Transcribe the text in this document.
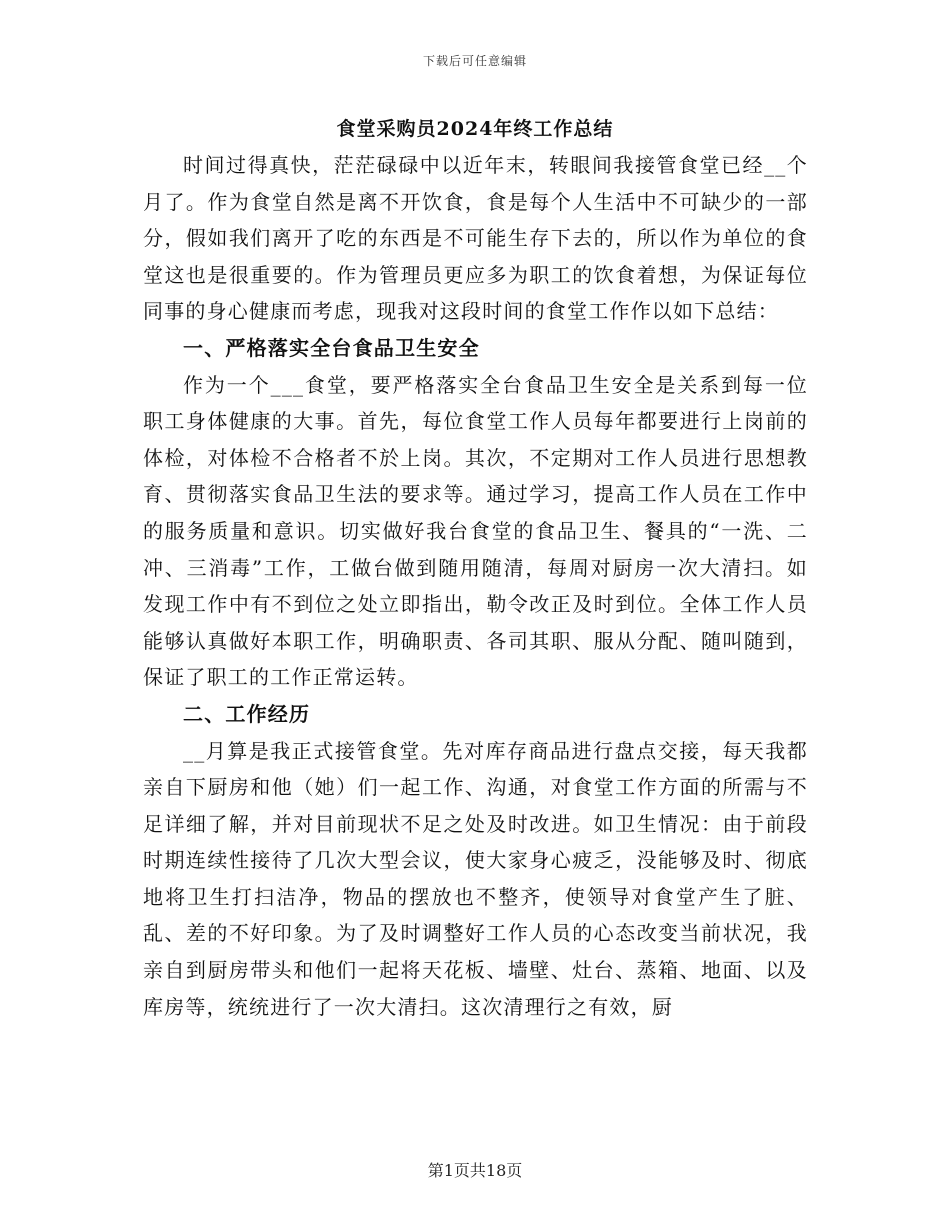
下载后可任意编辑
食堂采购员2024年终工作总结

时间过得真快，茫茫碌碌中以近年末，转眼间我接管食堂已经__个月了。作为食堂自然是离不开饮食，食是每个人生活中不可缺少的一部分，假如我们离开了吃的东西是不可能生存下去的，所以作为单位的食堂这也是很重要的。作为管理员更应多为职工的饮食着想，为保证每位同事的身心健康而考虑，现我对这段时间的食堂工作作以如下总结：

一、严格落实全台食品卫生安全

作为一个___食堂，要严格落实全台食品卫生安全是关系到每一位职工身体健康的大事。首先，每位食堂工作人员每年都要进行上岗前的体检，对体检不合格者不於上岗。其次，不定期对工作人员进行思想教育、贯彻落实食品卫生法的要求等。通过学习，提高工作人员在工作中的服务质量和意识。切实做好我台食堂的食品卫生、餐具的“一洗、二冲、三消毒”工作，工做台做到随用随清，每周对厨房一次大清扫。如发现工作中有不到位之处立即指出，勒令改正及时到位。全体工作人员能够认真做好本职工作，明确职责、各司其职、服从分配、随叫随到，保证了职工的工作正常运转。

二、工作经历

__月算是我正式接管食堂。先对库存商品进行盘点交接，每天我都亲自下厨房和他（她）们一起工作、沟通，对食堂工作方面的所需与不足详细了解，并对目前现状不足之处及时改进。如卫生情况：由于前段时期连续性接待了几次大型会议，使大家身心疲乏，没能够及时、彻底地将卫生打扫洁净，物品的摆放也不整齐，使领导对食堂产生了脏、乱、差的不好印象。为了及时调整好工作人员的心态改变当前状况，我亲自到厨房带头和他们一起将天花板、墙壁、灶台、蒸箱、地面、以及库房等，统统进行了一次大清扫。这次清理行之有效，厨

第1页共18页
